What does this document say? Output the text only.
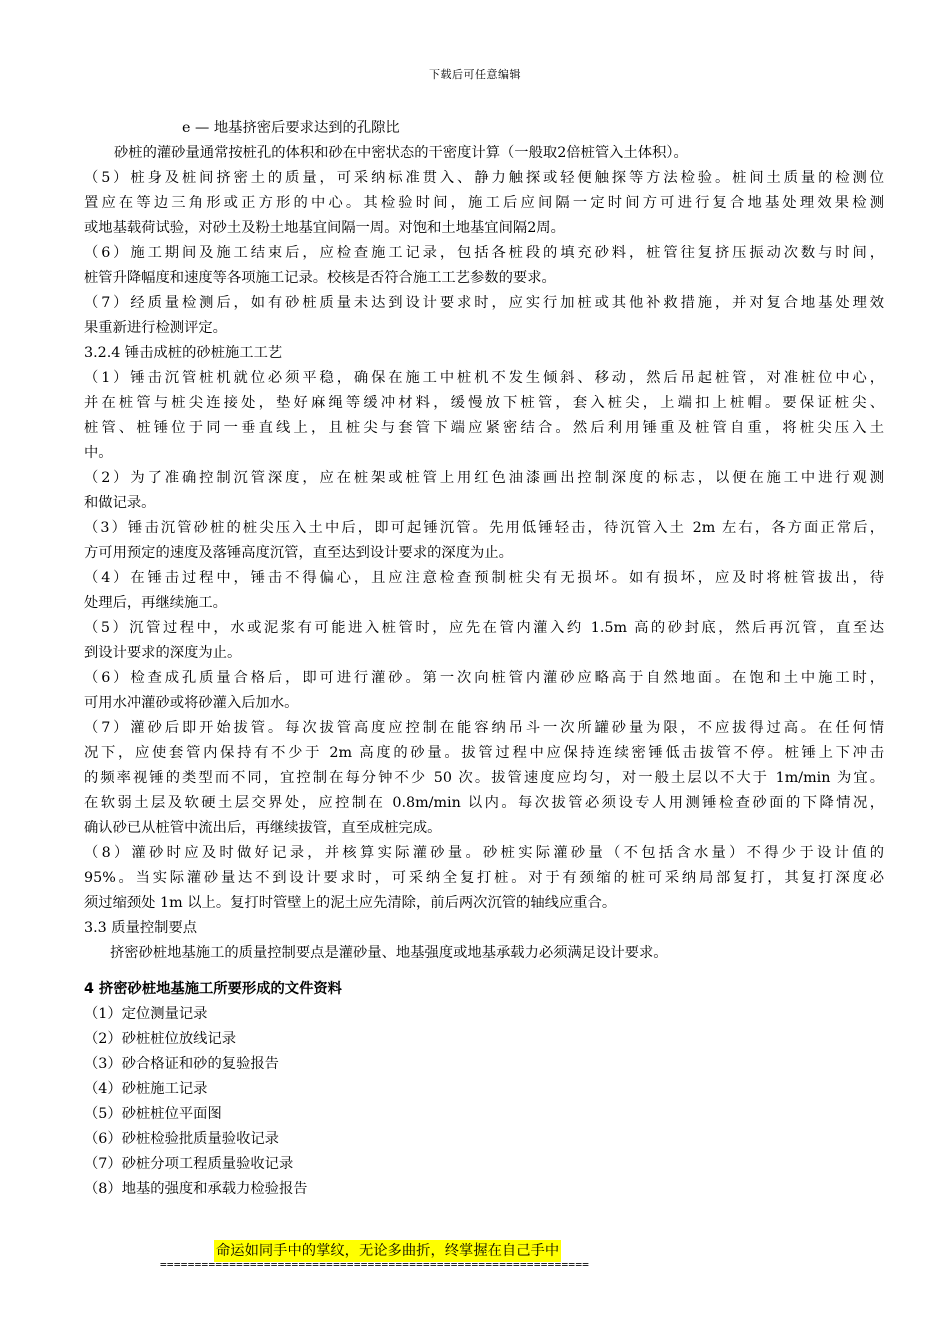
下载后可任意编辑
e — 地基挤密后要求达到的孔隙比
砂桩的灌砂量通常按桩孔的体积和砂在中密状态的干密度计算（一般取2倍桩管入土体积）。
（5）桩身及桩间挤密土的质量，可采纳标准贯入、静力触探或轻便触探等方法检验。桩间土质量的检测位
置应在等边三角形或正方形的中心。其检验时间，施工后应间隔一定时间方可进行复合地基处理效果检测
或地基载荷试验，对砂土及粉土地基宜间隔一周。对饱和土地基宜间隔2周。
（6）施工期间及施工结束后，应检查施工记录，包括各桩段的填充砂料，桩管往复挤压振动次数与时间，
桩管升降幅度和速度等各项施工记录。校核是否符合施工工艺参数的要求。
（7）经质量检测后，如有砂桩质量未达到设计要求时，应实行加桩或其他补救措施，并对复合地基处理效
果重新进行检测评定。
3.2.4 锤击成桩的砂桩施工工艺
（1）锤击沉管桩机就位必须平稳，确保在施工中桩机不发生倾斜、移动，然后吊起桩管，对准桩位中心，
并在桩管与桩尖连接处，垫好麻绳等缓冲材料，缓慢放下桩管，套入桩尖，上端扣上桩帽。要保证桩尖、
桩管、桩锤位于同一垂直线上，且桩尖与套管下端应紧密结合。然后利用锤重及桩管自重，将桩尖压入土
中。
（2）为了准确控制沉管深度，应在桩架或桩管上用红色油漆画出控制深度的标志，以便在施工中进行观测
和做记录。
（3）锤击沉管砂桩的桩尖压入土中后，即可起锤沉管。先用低锤轻击，待沉管入土 2m 左右，各方面正常后，
方可用预定的速度及落锤高度沉管，直至达到设计要求的深度为止。
（4）在锤击过程中，锤击不得偏心，且应注意检查预制桩尖有无损坏。如有损坏，应及时将桩管拔出，待
处理后，再继续施工。
（5）沉管过程中，水或泥浆有可能进入桩管时，应先在管内灌入约 1.5m 高的砂封底，然后再沉管，直至达
到设计要求的深度为止。
（6）检查成孔质量合格后，即可进行灌砂。第一次向桩管内灌砂应略高于自然地面。在饱和土中施工时，
可用水冲灌砂或将砂灌入后加水。
（7）灌砂后即开始拔管。每次拔管高度应控制在能容纳吊斗一次所罐砂量为限，不应拔得过高。在任何情
况下，应使套管内保持有不少于 2m 高度的砂量。拔管过程中应保持连续密锤低击拔管不停。桩锤上下冲击
的频率视锤的类型而不同，宜控制在每分钟不少 50 次。拔管速度应均匀，对一般土层以不大于 1m/min 为宜。
在软弱土层及软硬土层交界处，应控制在 0.8m/min 以内。每次拔管必须设专人用测锤检查砂面的下降情况，
确认砂已从桩管中流出后，再继续拔管，直至成桩完成。
（8）灌砂时应及时做好记录，并核算实际灌砂量。砂桩实际灌砂量（不包括含水量）不得少于设计值的
95%。当实际灌砂量达不到设计要求时，可采纳全复打桩。对于有颈缩的桩可采纳局部复打，其复打深度必
须过缩颈处 1m 以上。复打时管壁上的泥土应先清除，前后两次沉管的轴线应重合。
3.3 质量控制要点
挤密砂桩地基施工的质量控制要点是灌砂量、地基强度或地基承载力必须满足设计要求。
4 挤密砂桩地基施工所要形成的文件资料
（1）定位测量记录
（2）砂桩桩位放线记录
（3）砂合格证和砂的复验报告
（4）砂桩施工记录
（5）砂桩桩位平面图
（6）砂桩检验批质量验收记录
（7）砂桩分项工程质量验收记录
（8）地基的强度和承载力检验报告
命运如同手中的掌纹，无论多曲折，终掌握在自己手中
==============================================================
